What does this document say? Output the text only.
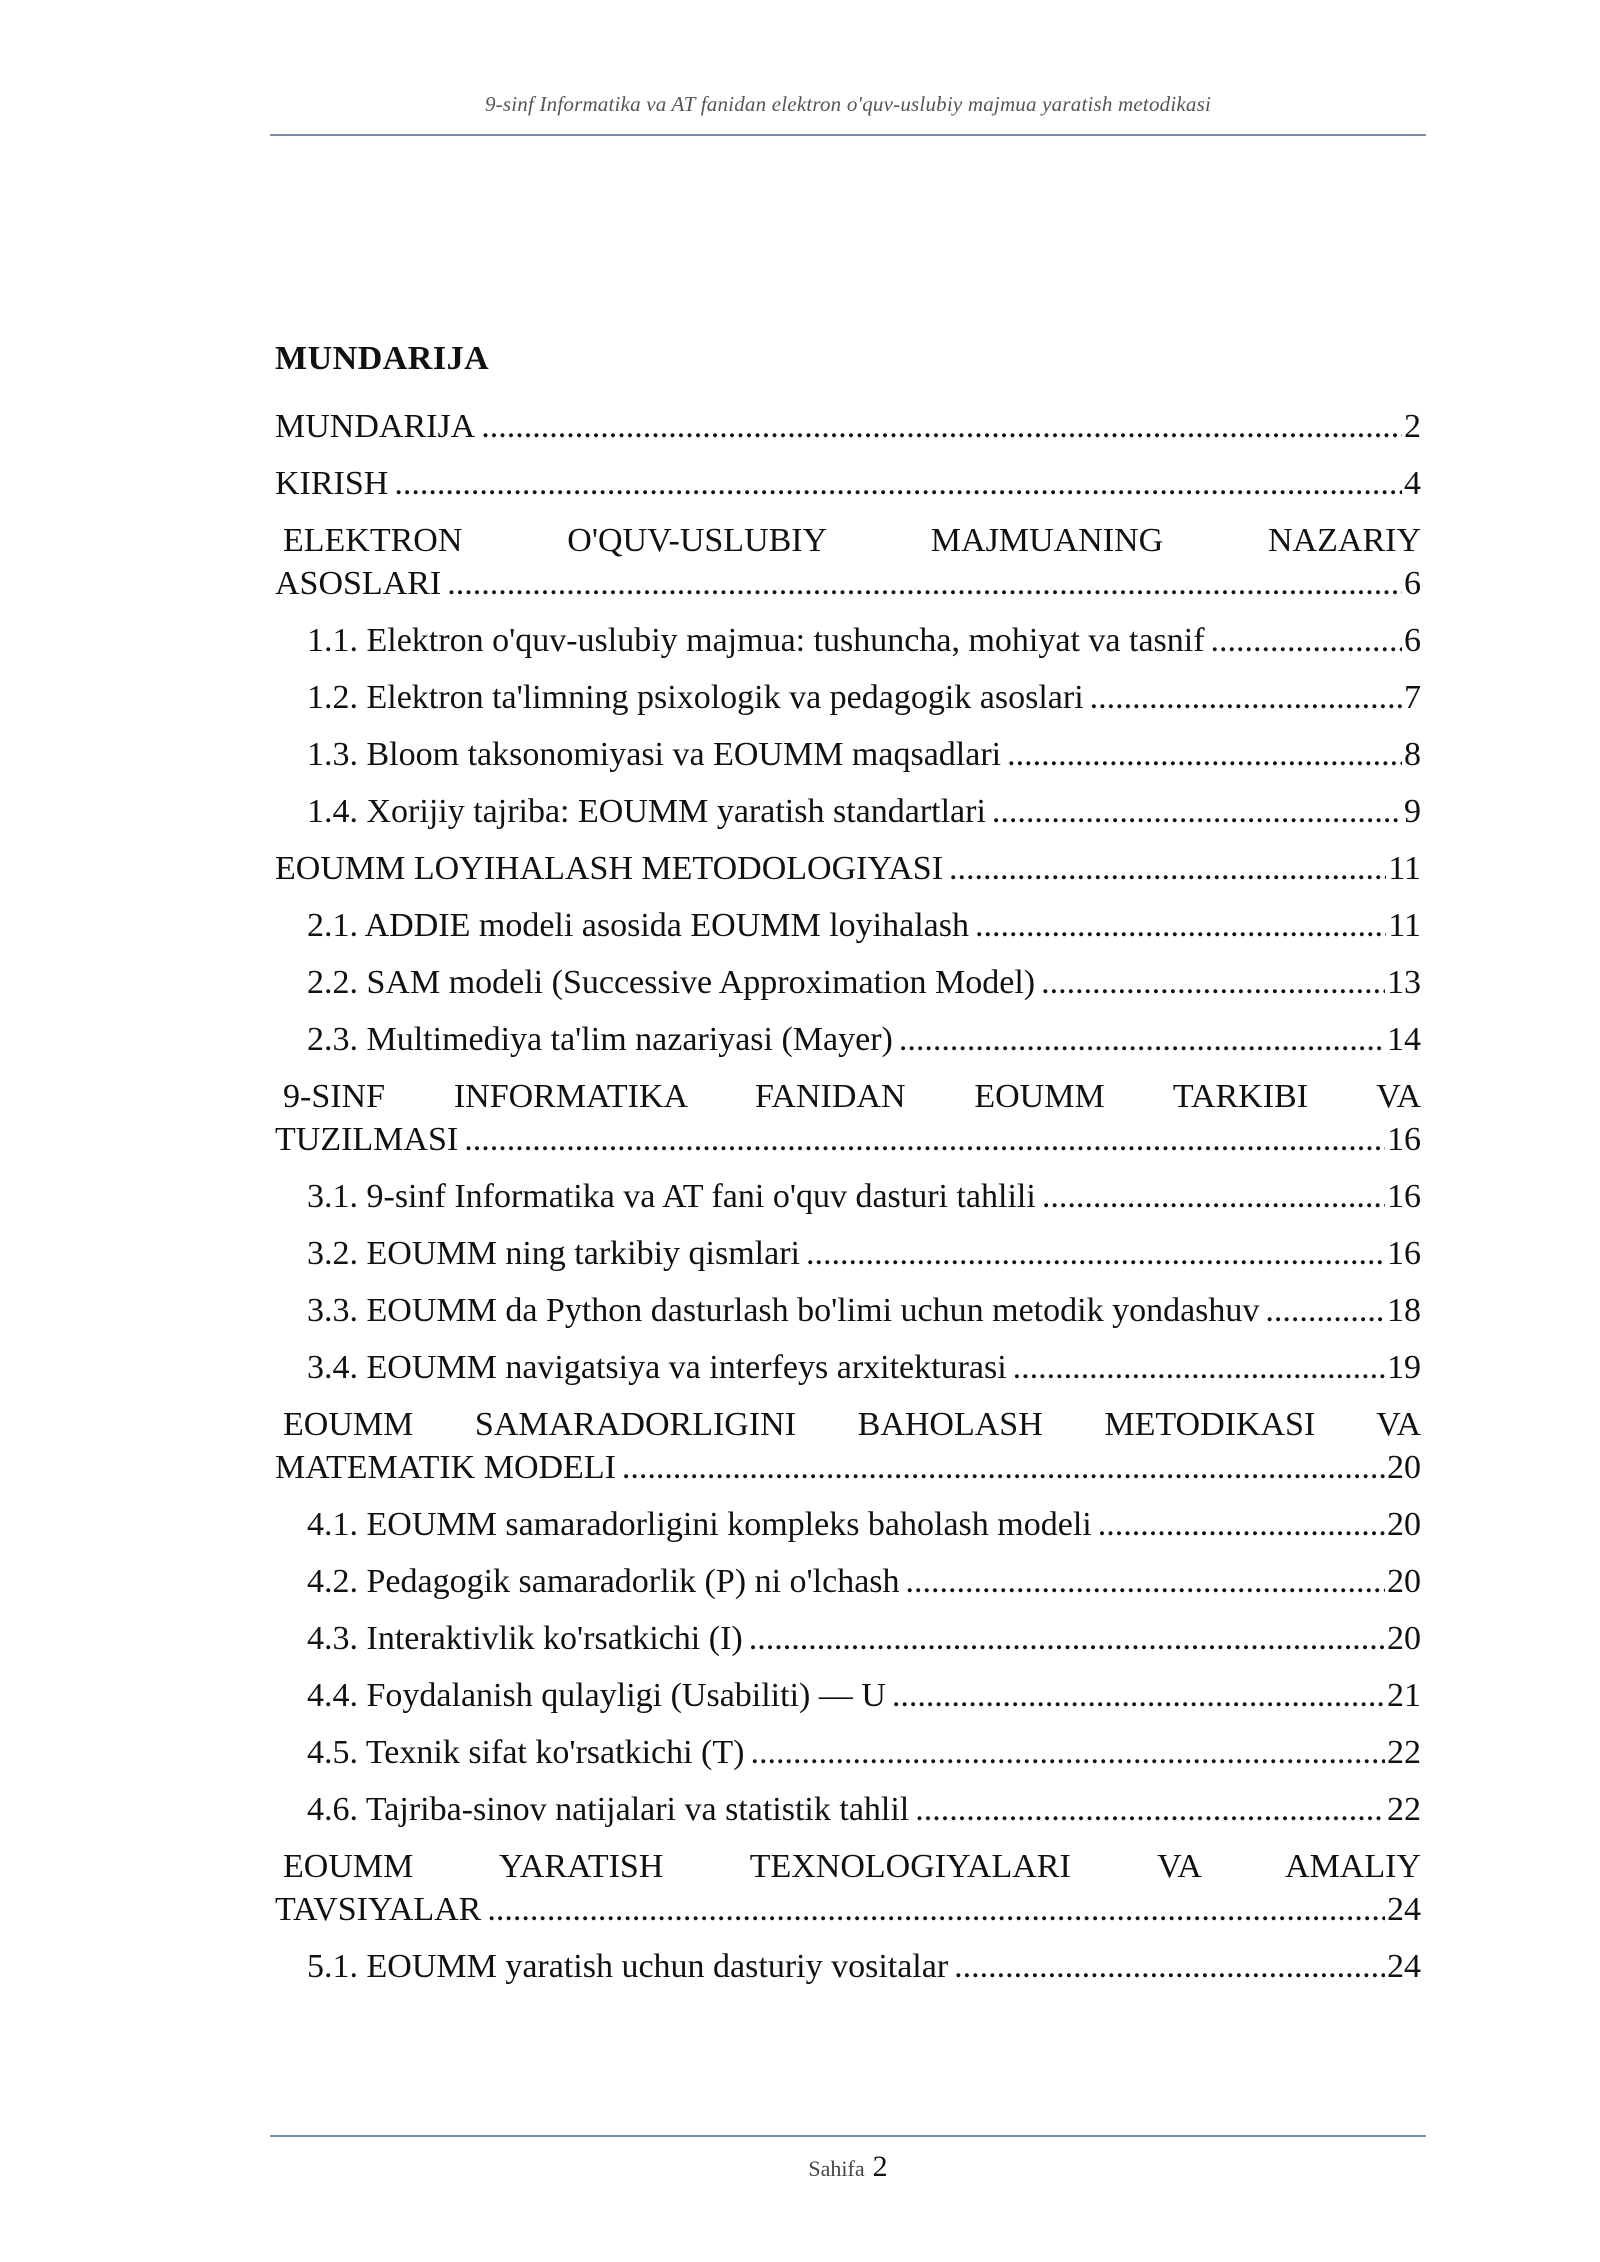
9-sinf Informatika va AT fanidan elektron o'quv-uslubiy majmua yaratish metodikasi
MUNDARIJA
MUNDARIJA .....	2
KIRISH .....	4
ELEKTRON O'QUV-USLUBIY MAJMUANING NAZARIY
ASOSLARI .....	6
1.1. Elektron o'quv-uslubiy majmua: tushuncha, mohiyat va tasnif .....	6
1.2. Elektron ta'limning psixologik va pedagogik asoslari .....	7
1.3. Bloom taksonomiyasi va EOUMM maqsadlari .....	8
1.4. Xorijiy tajriba: EOUMM yaratish standartlari .....	9
EOUMM LOYIHALASH METODOLOGIYASI .....	11
2.1. ADDIE modeli asosida EOUMM loyihalash .....	11
2.2. SAM modeli (Successive Approximation Model) .....	13
2.3. Multimediya ta'lim nazariyasi (Mayer) .....	14
9-SINF INFORMATIKA FANIDAN EOUMM TARKIBI VA
TUZILMASI .....	16
3.1. 9-sinf Informatika va AT fani o'quv dasturi tahlili .....	16
3.2. EOUMM ning tarkibiy qismlari .....	16
3.3. EOUMM da Python dasturlash bo'limi uchun metodik yondashuv .....	18
3.4. EOUMM navigatsiya va interfeys arxitekturasi .....	19
EOUMM SAMARADORLIGINI BAHOLASH METODIKASI VA
MATEMATIK MODELI .....	20
4.1. EOUMM samaradorligini kompleks baholash modeli .....	20
4.2. Pedagogik samaradorlik (P) ni o'lchash .....	20
4.3. Interaktivlik ko'rsatkichi (I) .....	20
4.4. Foydalanish qulayligi (Usabiliti) — U .....	21
4.5. Texnik sifat ko'rsatkichi (T) .....	22
4.6. Tajriba-sinov natijalari va statistik tahlil .....	22
EOUMM YARATISH TEXNOLOGIYALARI VA AMALIY
TAVSIYALAR .....	24
5.1. EOUMM yaratish uchun dasturiy vositalar .....	24
Sahifa 2
